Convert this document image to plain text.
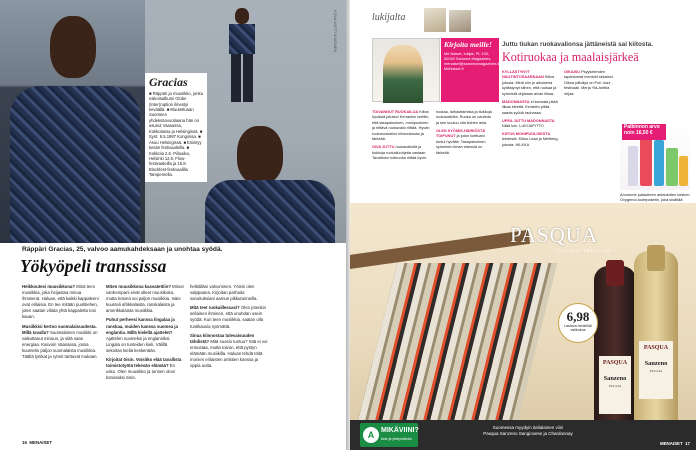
KUVA ANTTI ILMONEN
Gracias

■ Räppäri ja muusikko, jonka esikoisalbumi Globe (Inter)ruption ilmestyi keväällä. ■ Muutettuaan Suomeen yhdeksänvuotiaana hän on asunut Vaasassa, Kokkolassa ja Helsingissä. ■ Synt. 6.5.1987 Kongossa. ■ Asuu Helsingissä. ■ Esiintyy kesän festivaaleilla. ■ Kokkola 2.6. Piiloaika, Helsinki 12.6. Flow-festivaaleilla ja 15.8. Blockfest-festivaalilla Tampereella.

Räppäri Gracias, 25, valvoo aamukahdeksaan ja unohtaa syödä.
Yökyöpeli transsissa

Heikkoutesi muusikkona? Minä teen musiikkia, joka heijastaa minua ihmisenä. Haluan, että kaikki kappaleeni ovat erilaisia. En tee mitään puolitiehen, joten saatan viilata yhtä kappaletta tosi kauan.

Musiikkisi kertoo suomalaisuudesta. Millä tavalla? Suomalainen musiikki on vaikuttanut minuun, ja siitä saan energiaa. Kasvoin Vaasassa, jossa kuuntelin paljon suomalaista musiikkia. Täällä lyriikat ja rytmit tarttuvat mukaan.

Miten muusikkona kasvatettiin? Minun vanhempani eivät olleet muusikoita, mutta kotona soi paljon musiikkia. Isäni kuunteli afrikkalaista, ranskalaista ja amerikkalaista musiikkia.

Puhut perheesi kanssa lingalaa ja ranskaa, muiden kanssa suomea ja englantia. Millä kielellä ajattelet? Ajattelen suomeksi ja englanniksi. Lingala on tunteiden kieli. Välillä sekoitan kieliä keskenään.

Kirjoitat öisin. Voisitko elää tavallista toimistotyötä tekevän elämää? En usko. Olen muusikko ja tunnen oloni kotoisaksi öisin.

hetkälläni valvominen. Yöisin olen valppaana. Kirjoitan parhaita sanoituksiani aamun pikkutunneilla.

Mitä teet ruokaillessasi? Olen jotenkin sellainen ihminen, että unohdan usein syödä. Kun teen musiikkia, saatan olla tuntikausia syömättä.

Sinua kiinnostaa tulevaisuuden tähdistä? Mitä suosio tuntuu? Sitä ei voi ennustaa, mutta toivon, että pystyn elämään musiikilla. Haluan tehdä töitä monien erilaisten artistien kanssa ja oppia uutta.

16 MENAISET
lukijalta
Kirjoita meille!

Me Naiset, lukijat, PL 100, 00040 Sanoma Magazines, menaiset@sanomamagazines.fi, MeNaiset.fi

Juttu tiukan ruokavalionsa jättäneistä sai kiitosta.
Kotiruokaa ja maalaisjärkeä

TOIVANNUT RUOKAILUA Kiitos hyvästä jutusta! Kerrankin luettiin, että tasapainoinen, monipuolinen ja riittävä ruokavalio riittää. Hyvän ruokaruokailun kiinnostavaa ja tärkeää.

OIVA JUTTU ruokavalioitä ja tiukkoja ruokailuohjeita vastaan. Tavallinen kotiruoka riittää hyvin.

ruokaa, laihduttamista ja tiukkoja ruokavalioita. Ruoka on nautinto ja sen kuuluu olla iloinen asia.

OLEN SYÖMIS-HÄIRIÖSTÄ TOIPUNUT ja jutun luettuani tuntui hyvältä. Tasapainoinen syöminen ilman stressiä on tärkeää.

KYLLÄSTYNYT NAUTINTOSAARNAAN Kiitos jutusta. Minä olin jo aikuisena kyllästynyt siihen, että ruokaa ja syömistä ohjataan aivan liikaa.

MADONNASTA ei kannata pitää liikaa kiirettä. Ihmisten pitää saada syödä rauhassa.

UPEA JUTTU MADONNASTA Nätä luin. LUKIJAPITTO

KIITOS MONIPUOLISESTA lehdestä. Kiitos Leaa ja Mellberg-jutusta. HILKKA

OIKAISU Psyykelehden tapahtumat menivät sekaisin. Oikea päiväys on Pori Jazz -festivaali. Merja Ylä-Anttila ohjaa.

Palkinnon arvo noin 16,50 €
Arvomme palautteen antaneiden kesken Oxygenol-tuotepaketin, joka sisältää
PASQUA
· A FAMILY TRADITION ·
PASQUA
Sanzeno
PUGLIA
PASQUA
Sanzeno
PUGLIA
6,98
Lastuva henkilöä/ valikoima
A MIKÄVIINI?
tiole ja yhteystiedot
Suomessa myydyin italialainen viini
Pasqua Sanzeno Sangiovese ja Chardonnay
MENAISET 17
